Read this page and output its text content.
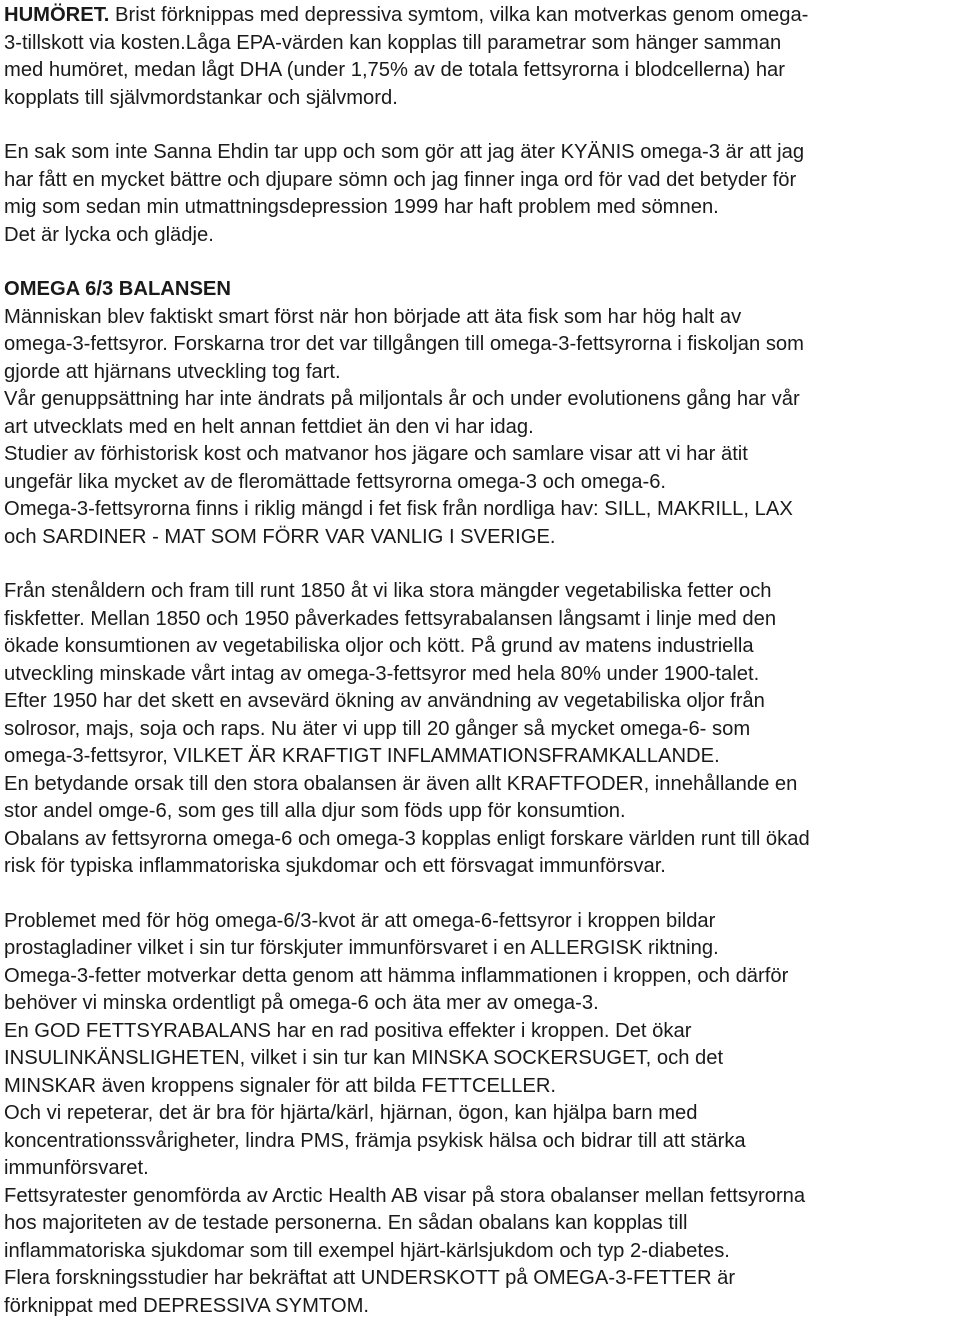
HUMÖRET. Brist förknippas med depressiva symtom, vilka kan motverkas genom omega-
3-tillskott via kosten.Låga EPA-värden kan kopplas till parametrar som hänger samman
med humöret, medan lågt DHA (under 1,75% av de totala fettsyrorna i blodcellerna) har
kopplats till självmordstankar och självmord.

En sak som inte Sanna Ehdin tar upp och som gör att jag äter KYÄNIS omega-3 är att jag
har fått en mycket bättre och djupare sömn och jag finner inga ord för vad det betyder för
mig som sedan min utmattningsdepression 1999 har haft problem med sömnen.
Det är lycka och glädje.

OMEGA 6/3 BALANSEN

Människan blev faktiskt smart först när hon började att äta fisk som har hög halt av
omega-3-fettsyror. Forskarna tror det var tillgången till omega-3-fettsyrorna i fiskoljan som
gjorde att hjärnans utveckling tog fart.
Vår genuppsättning har inte ändrats på miljontals år och under evolutionens gång har vår
art utvecklats med en helt annan fettdiet än den vi har idag.
Studier av förhistorisk kost och matvanor hos jägare och samlare visar att vi har ätit
ungefär lika mycket av de fleromättade fettsyrorna omega-3 och omega-6.
Omega-3-fettsyrorna finns i riklig mängd i fet fisk från nordliga hav: SILL, MAKRILL, LAX
och SARDINER - MAT SOM FÖRR VAR VANLIG I SVERIGE.

Från stenåldern och fram till runt 1850 åt vi lika stora mängder vegetabiliska fetter och
fiskfetter. Mellan 1850 och 1950 påverkades fettsyrabalansen långsamt i linje med den
ökade konsumtionen av vegetabiliska oljor och kött. På grund av matens industriella
utveckling minskade vårt intag av omega-3-fettsyror med hela 80% under 1900-talet.
Efter 1950 har det skett en avsevärd ökning av användning av vegetabiliska oljor från
solrosor, majs, soja och raps. Nu äter vi upp till 20 gånger så mycket omega-6- som
omega-3-fettsyror, VILKET ÄR KRAFTIGT INFLAMMATIONSFRAMKALLANDE.
En betydande orsak till den stora obalansen är även allt KRAFTFODER, innehållande en
stor andel omge-6, som ges till alla djur som föds upp för konsumtion.
Obalans av fettsyrorna omega-6 och omega-3 kopplas enligt forskare världen runt till ökad
risk för typiska inflammatoriska sjukdomar och ett försvagat immunförsvar.

Problemet med för hög omega-6/3-kvot är att omega-6-fettsyror i kroppen bildar
prostagladiner vilket i sin tur förskjuter immunförsvaret i en ALLERGISK riktning.
Omega-3-fetter motverkar detta genom att hämma inflammationen i kroppen, och därför
behöver vi minska ordentligt på omega-6 och äta mer av omega-3.
En GOD FETTSYRABALANS har en rad positiva effekter i kroppen. Det ökar
INSULINKÄNSLIGHETEN, vilket i sin tur kan MINSKA SOCKERSUGET, och det
MINSKAR även kroppens signaler för att bilda FETTCELLER.
Och vi repeterar, det är bra för hjärta/kärl, hjärnan, ögon, kan hjälpa barn med
koncentrationssvårigheter, lindra PMS, främja psykisk hälsa och bidrar till att stärka
immunförsvaret.
Fettsyratester genomförda av Arctic Health AB visar på stora obalanser mellan fettsyrorna
hos majoriteten av de testade personerna. En sådan obalans kan kopplas till
inflammatoriska sjukdomar som till exempel hjärt-kärlsjukdom och typ 2-diabetes.
Flera forskningsstudier har bekräftat att UNDERSKOTT på OMEGA-3-FETTER är
förknippat med DEPRESSIVA SYMTOM.
